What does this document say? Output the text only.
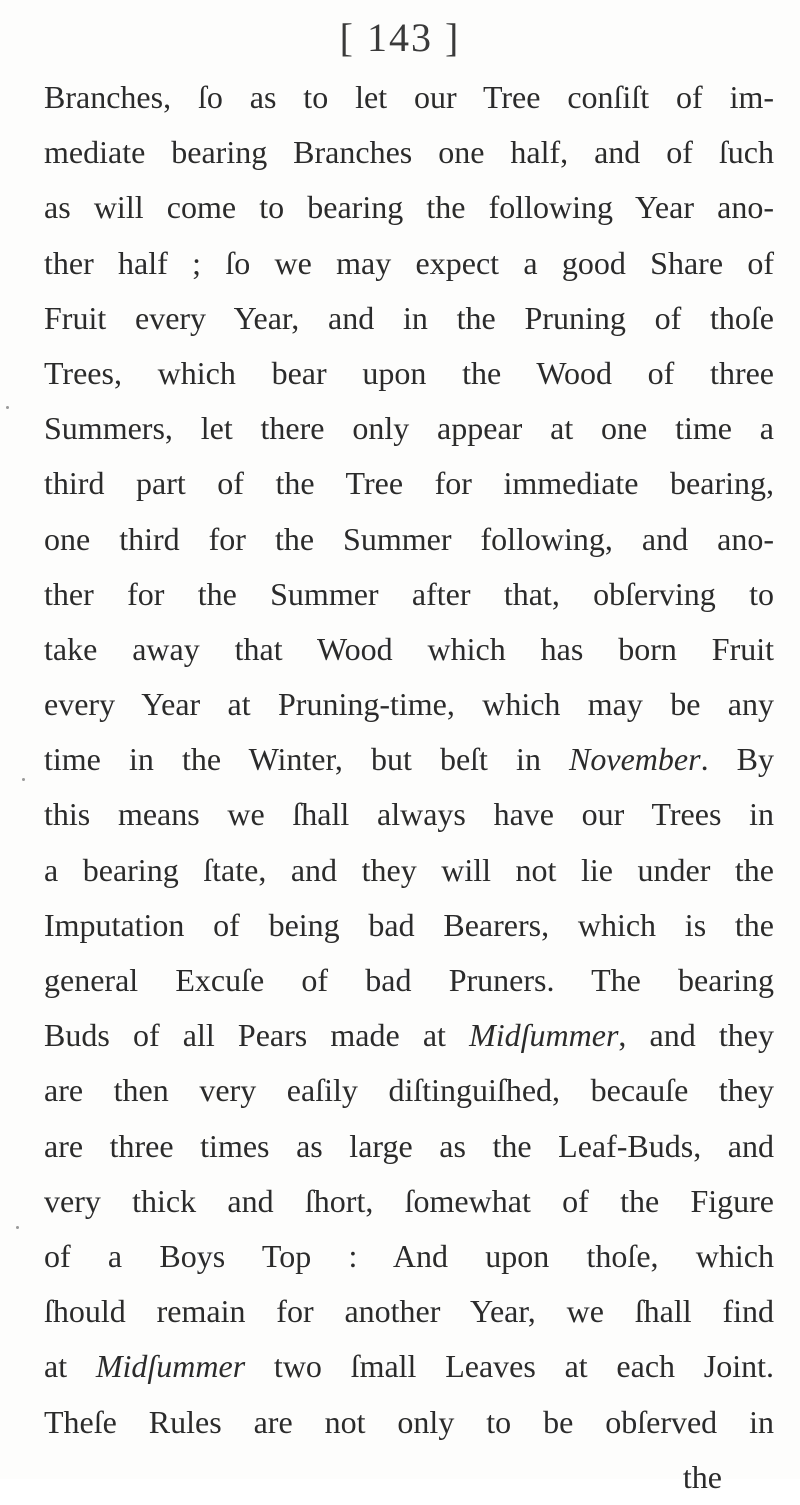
[ 143 ]
Branches, ſo as to let our Tree conſiſt of im-
mediate bearing Branches one half, and of ſuch
as will come to bearing the following Year ano-
ther half ; ſo we may expect a good Share of
Fruit every Year, and in the Pruning of thoſe
Trees, which bear upon the Wood of three
Summers, let there only appear at one time a
third part of the Tree for immediate bearing,
one third for the Summer following, and ano-
ther for the Summer after that, obſerving to
take away that Wood which has born Fruit
every Year at Pruning-time, which may be any
time in the Winter, but beſt in November. By
this means we ſhall always have our Trees in
a bearing ſtate, and they will not lie under the
Imputation of being bad Bearers, which is the
general Excuſe of bad Pruners. The bearing
Buds of all Pears made at Midſummer, and they
are then very eaſily diſtinguiſhed, becauſe they
are three times as large as the Leaf-Buds, and
very thick and ſhort, ſomewhat of the Figure
of a Boys Top : And upon thoſe, which
ſhould remain for another Year, we ſhall find
at Midſummer two ſmall Leaves at each Joint.
Theſe Rules are not only to be obſerved in
the
